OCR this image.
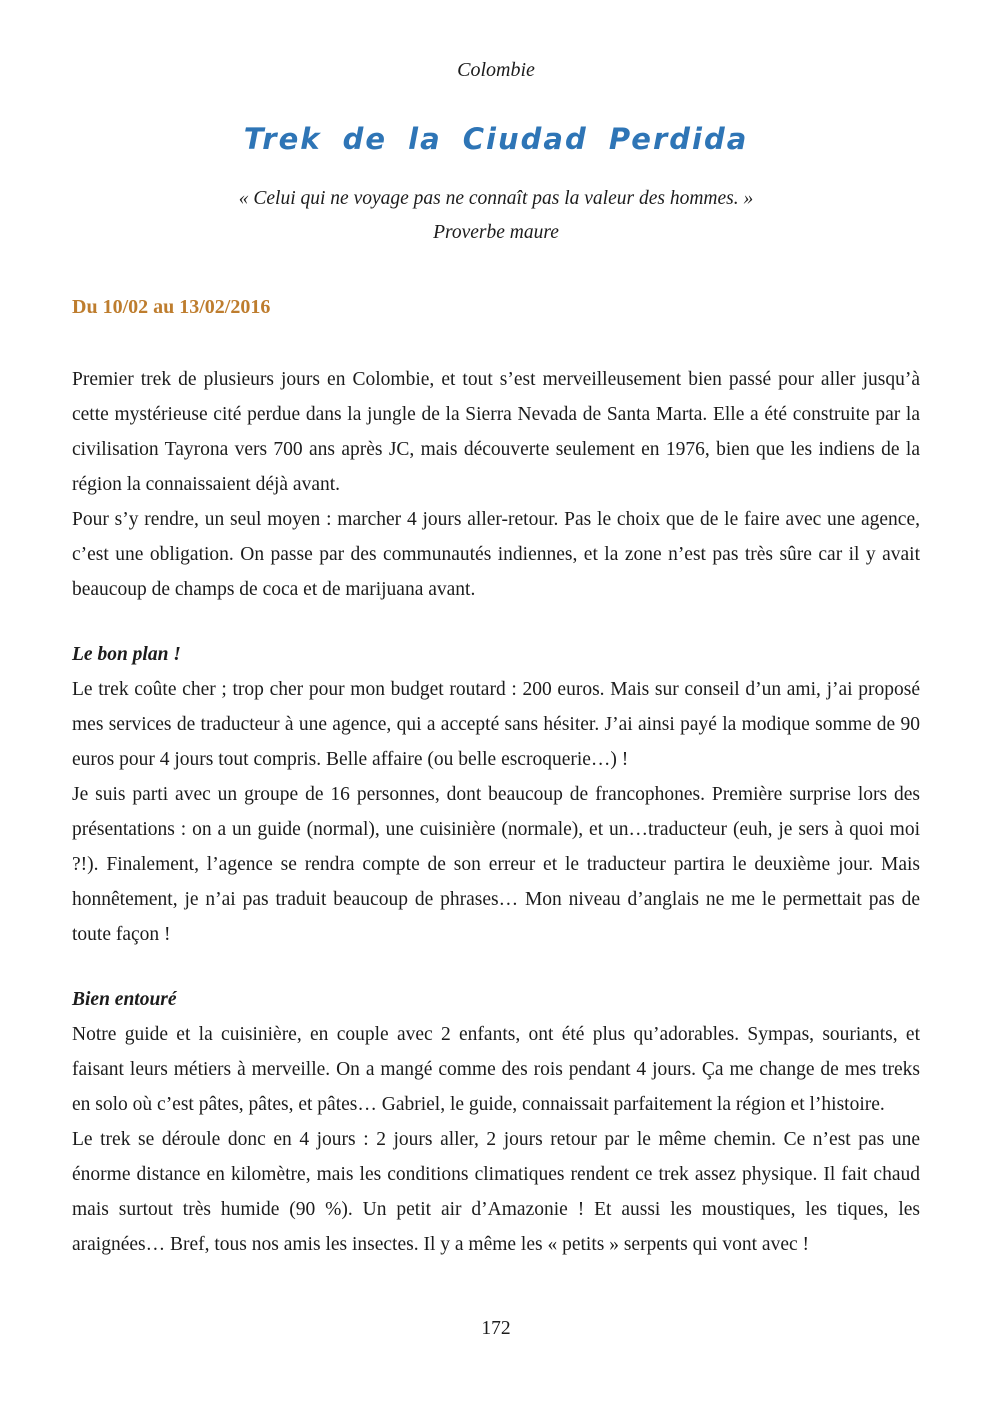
Colombie
Trek de la Ciudad Perdida
« Celui qui ne voyage pas ne connaît pas la valeur des hommes. »
Proverbe maure
Du 10/02 au 13/02/2016

Premier trek de plusieurs jours en Colombie, et tout s’est merveilleusement bien passé pour aller jusqu’à cette mystérieuse cité perdue dans la jungle de la Sierra Nevada de Santa Marta. Elle a été construite par la civilisation Tayrona vers 700 ans après JC, mais découverte seulement en 1976, bien que les indiens de la région la connaissaient déjà avant.

Pour s’y rendre, un seul moyen : marcher 4 jours aller-retour. Pas le choix que de le faire avec une agence, c’est une obligation. On passe par des communautés indiennes, et la zone n’est pas très sûre car il y avait beaucoup de champs de coca et de marijuana avant.

Le bon plan !

Le trek coûte cher ; trop cher pour mon budget routard : 200 euros. Mais sur conseil d’un ami, j’ai proposé mes services de traducteur à une agence, qui a accepté sans hésiter. J’ai ainsi payé la modique somme de 90 euros pour 4 jours tout compris. Belle affaire (ou belle escroquerie…) !

Je suis parti avec un groupe de 16 personnes, dont beaucoup de francophones. Première surprise lors des présentations : on a un guide (normal), une cuisinière (normale), et un…traducteur (euh, je sers à quoi moi ?!). Finalement, l’agence se rendra compte de son erreur et le traducteur partira le deuxième jour. Mais honnêtement, je n’ai pas traduit beaucoup de phrases… Mon niveau d’anglais ne me le permettait pas de toute façon !

Bien entouré

Notre guide et la cuisinière, en couple avec 2 enfants, ont été plus qu’adorables. Sympas, souriants, et faisant leurs métiers à merveille. On a mangé comme des rois pendant 4 jours. Ça me change de mes treks en solo où c’est pâtes, pâtes, et pâtes… Gabriel, le guide, connaissait parfaitement la région et l’histoire.

Le trek se déroule donc en 4 jours : 2 jours aller, 2 jours retour par le même chemin. Ce n’est pas une énorme distance en kilomètre, mais les conditions climatiques rendent ce trek assez physique. Il fait chaud mais surtout très humide (90 %). Un petit air d’Amazonie ! Et aussi les moustiques, les tiques, les araignées… Bref, tous nos amis les insectes. Il y a même les « petits » serpents qui vont avec !

172
